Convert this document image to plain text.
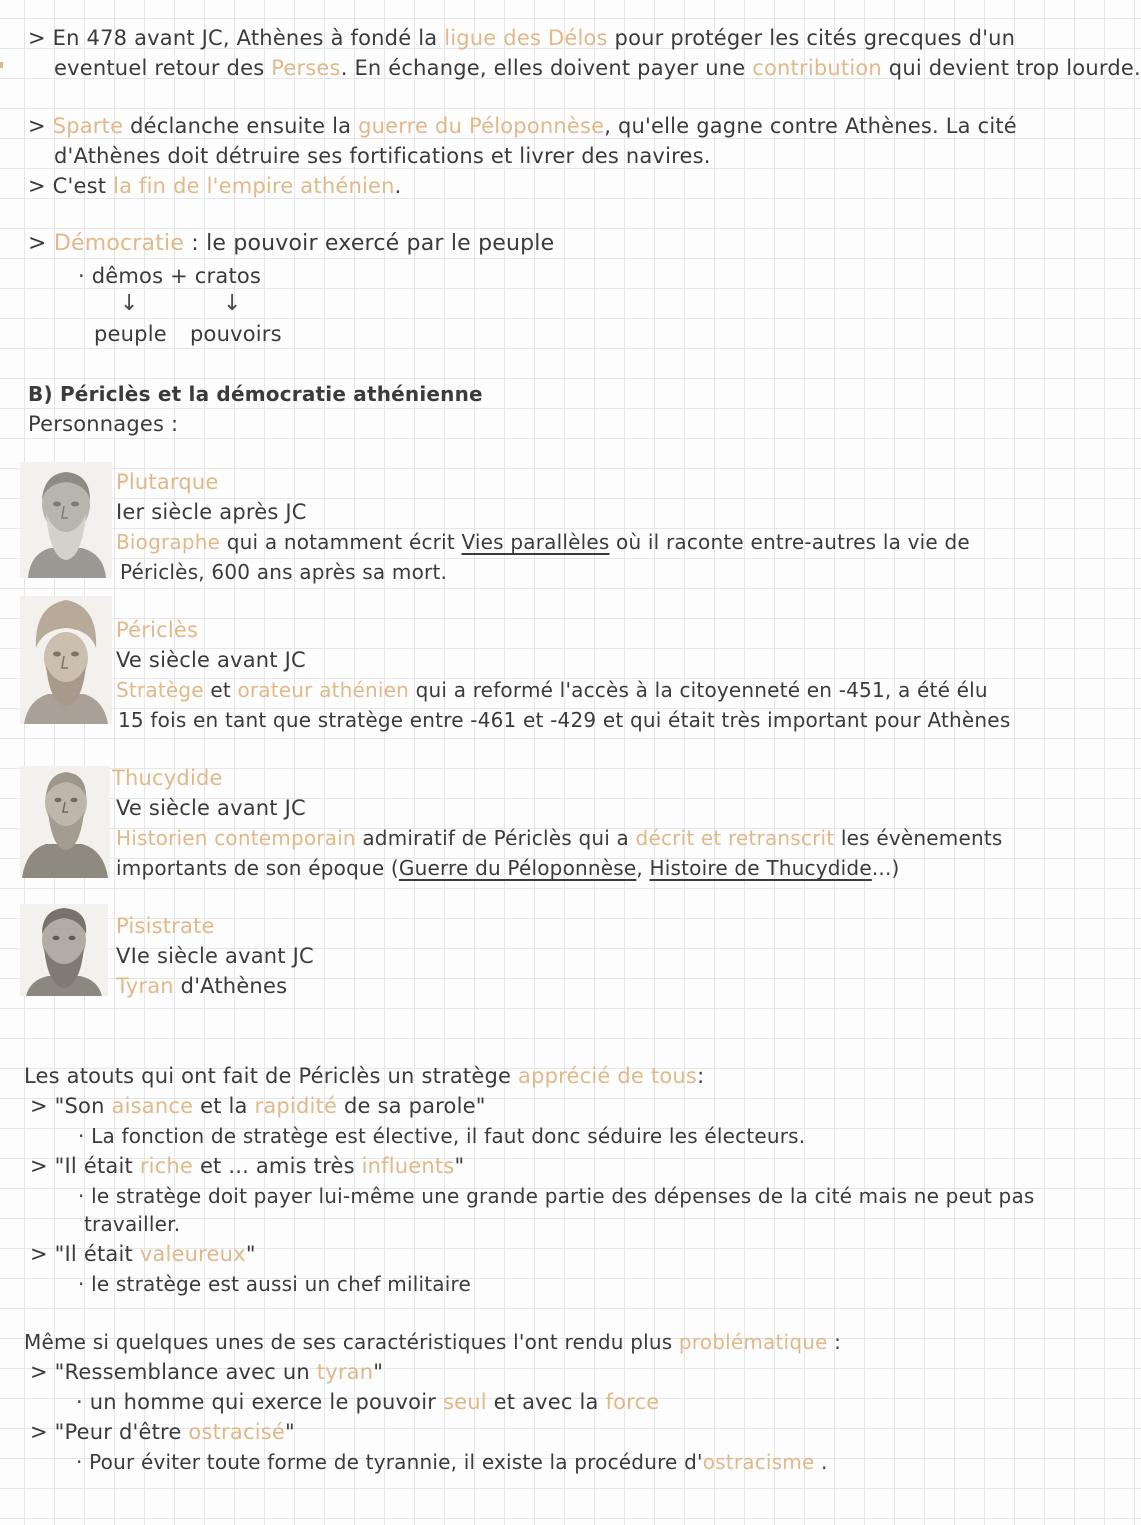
> En 478 avant JC, Athènes à fondé la ligue des Délos pour protéger les cités grecques d'un
eventuel retour des Perses. En échange, elles doivent payer une contribution qui devient trop lourde.
> Sparte déclanche ensuite la guerre du Péloponnèse, qu'elle gagne contre Athènes. La cité
d'Athènes doit détruire ses fortifications et livrer des navires.
> C'est la fin de l'empire athénien.
> Démocratie : le pouvoir exercé par le peuple
· dêmos + cratos
↓	↓
peuple pouvoirs
B) Périclès et la démocratie athénienne
Personnages :
Plutarque
Ier siècle après JC
Biographe qui a notamment écrit Vies parallèles où il raconte entre-autres la vie de
Périclès, 600 ans après sa mort.
Périclès
Ve siècle avant JC
Stratège et orateur athénien qui a reformé l'accès à la citoyenneté en -451, a été élu
15 fois en tant que stratège entre -461 et -429 et qui était très important pour Athènes
Thucydide
Ve siècle avant JC
Historien contemporain admiratif de Périclès qui a décrit et retranscrit les évènements
importants de son époque (Guerre du Péloponnèse, Histoire de Thucydide...)
Pisistrate
VIe siècle avant JC
Tyran d'Athènes
Les atouts qui ont fait de Périclès un stratège apprécié de tous:
> "Son aisance et la rapidité de sa parole"
· La fonction de stratège est élective, il faut donc séduire les électeurs.
> "Il était riche et ... amis très influents"
· le stratège doit payer lui-même une grande partie des dépenses de la cité mais ne peut pas
travailler.
> "Il était valeureux"
· le stratège est aussi un chef militaire
Même si quelques unes de ses caractéristiques l'ont rendu plus problématique :
> "Ressemblance avec un tyran"
· un homme qui exerce le pouvoir seul et avec la force
> "Peur d'être ostracisé"
· Pour éviter toute forme de tyrannie, il existe la procédure d'ostracisme .
